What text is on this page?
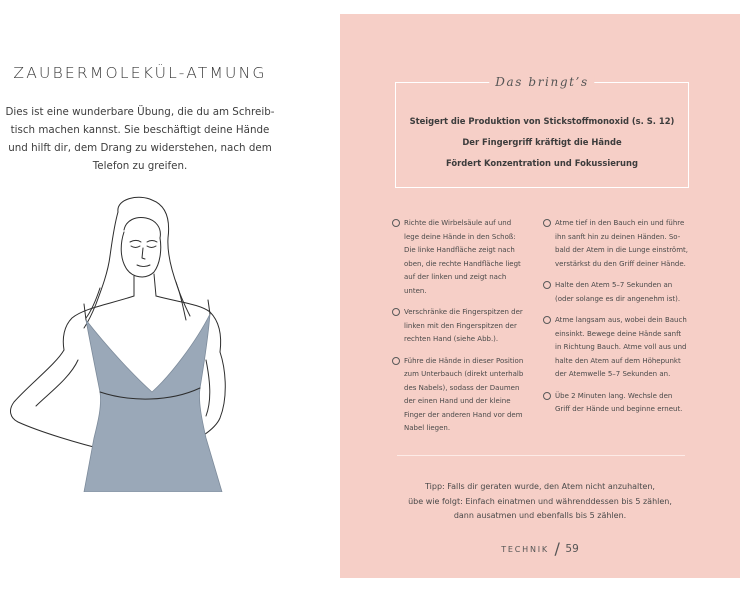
ZAUBERMOLEKÜL-ATMUNG
Dies ist eine wunderbare Übung, die du am Schreib-
tisch machen kannst. Sie beschäftigt deine Hände
und hilft dir, dem Drang zu widerstehen, nach dem
Telefon zu greifen.
Das bringt’s
Steigert die Produktion von Stickstoffmonoxid (s. S. 12)
Der Fingergriff kräftigt die Hände
Fördert Konzentration und Fokussierung
Richte die Wirbelsäule auf und
lege deine Hände in den Schoß:
Die linke Handfläche zeigt nach
oben, die rechte Handfläche liegt
auf der linken und zeigt nach
unten.
Verschränke die Fingerspitzen der
linken mit den Fingerspitzen der
rechten Hand (siehe Abb.).
Führe die Hände in dieser Position
zum Unterbauch (direkt unterhalb
des Nabels), sodass der Daumen
der einen Hand und der kleine
Finger der anderen Hand vor dem
Nabel liegen.
Atme tief in den Bauch ein und führe
ihn sanft hin zu deinen Händen. So-
bald der Atem in die Lunge einströmt,
verstärkst du den Griff deiner Hände.
Halte den Atem 5–7 Sekunden an
(oder solange es dir angenehm ist).
Atme langsam aus, wobei dein Bauch
einsinkt. Bewege deine Hände sanft
in Richtung Bauch. Atme voll aus und
halte den Atem auf dem Höhepunkt
der Atemwelle 5–7 Sekunden an.
Übe 2 Minuten lang. Wechsle den
Griff der Hände und beginne erneut.
Tipp: Falls dir geraten wurde, den Atem nicht anzuhalten,
übe wie folgt: Einfach einatmen und währenddessen bis 5 zählen,
dann ausatmen und ebenfalls bis 5 zählen.
TECHNIK / 59
